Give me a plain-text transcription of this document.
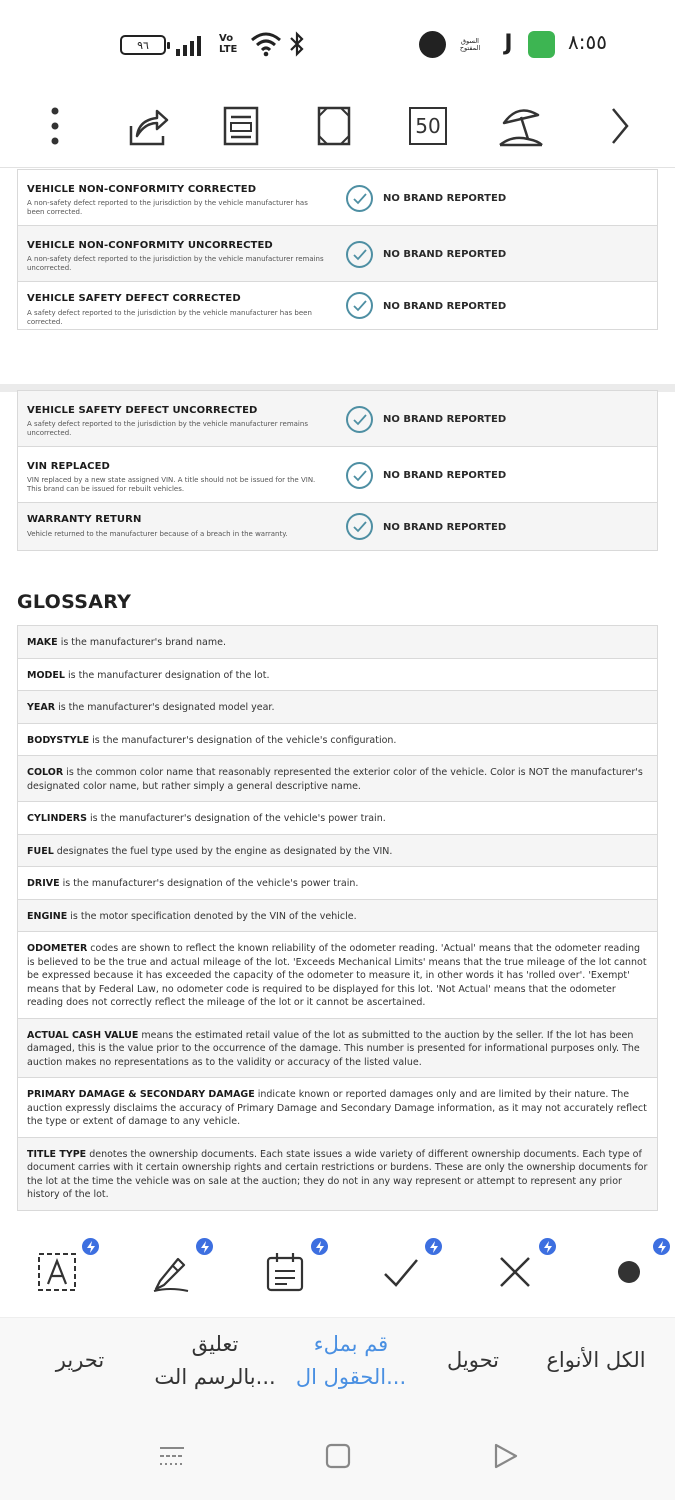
٩٦	Vo
LTE
السوق المفتوح	J	٨:٥٥
50
VEHICLE NON-CONFORMITY CORRECTED
A non-safety defect reported to the jurisdiction by the vehicle manufacturer has been corrected.
NO BRAND REPORTED
VEHICLE NON-CONFORMITY UNCORRECTED
A non-safety defect reported to the jurisdiction by the vehicle manufacturer remains uncorrected.
NO BRAND REPORTED
VEHICLE SAFETY DEFECT CORRECTED
A safety defect reported to the jurisdiction by the vehicle manufacturer has been corrected.
NO BRAND REPORTED
VEHICLE SAFETY DEFECT UNCORRECTED
A safety defect reported to the jurisdiction by the vehicle manufacturer remains uncorrected.
NO BRAND REPORTED
VIN REPLACED
VIN replaced by a new state assigned VIN. A title should not be issued for the VIN. This brand can be issued for rebuilt vehicles.
NO BRAND REPORTED
WARRANTY RETURN
Vehicle returned to the manufacturer because of a breach in the warranty.
NO BRAND REPORTED
GLOSSARY
MAKE is the manufacturer's brand name.
MODEL is the manufacturer designation of the lot.
YEAR is the manufacturer's designated model year.
BODYSTYLE is the manufacturer's designation of the vehicle's configuration.
COLOR is the common color name that reasonably represented the exterior color of the vehicle. Color is NOT the manufacturer's designated color name, but rather simply a general descriptive name.
CYLINDERS is the manufacturer's designation of the vehicle's power train.
FUEL designates the fuel type used by the engine as designated by the VIN.
DRIVE is the manufacturer's designation of the vehicle's power train.
ENGINE is the motor specification denoted by the VIN of the vehicle.
ODOMETER codes are shown to reflect the known reliability of the odometer reading. 'Actual' means that the odometer reading is believed to be the true and actual mileage of the lot. 'Exceeds Mechanical Limits' means that the true mileage of the lot cannot be expressed because it has exceeded the capacity of the odometer to measure it, in other words it has 'rolled over'. 'Exempt' means that by Federal Law, no odometer code is required to be displayed for this lot. 'Not Actual' means that the odometer reading does not correctly reflect the mileage of the lot or it cannot be ascertained.
ACTUAL CASH VALUE means the estimated retail value of the lot as submitted to the auction by the seller. If the lot has been damaged, this is the value prior to the occurrence of the damage. This number is presented for informational purposes only. The auction makes no representations as to the validity or accuracy of the listed value.
PRIMARY DAMAGE & SECONDARY DAMAGE indicate known or reported damages only and are limited by their nature. The auction expressly disclaims the accuracy of Primary Damage and Secondary Damage information, as it may not accurately reflect the type or extent of damage to any vehicle.
TITLE TYPE denotes the ownership documents. Each state issues a wide variety of different ownership documents. Each type of document carries with it certain ownership rights and certain restrictions or burdens. These are only the ownership documents for the lot at the time the vehicle was on sale at the auction; they do not in any way represent or attempt to represent any prior history of the lot.
الكل الأنواع
تحويل
قم بملء
الحقول ال...
تعليق
بالرسم الت...
تحرير
